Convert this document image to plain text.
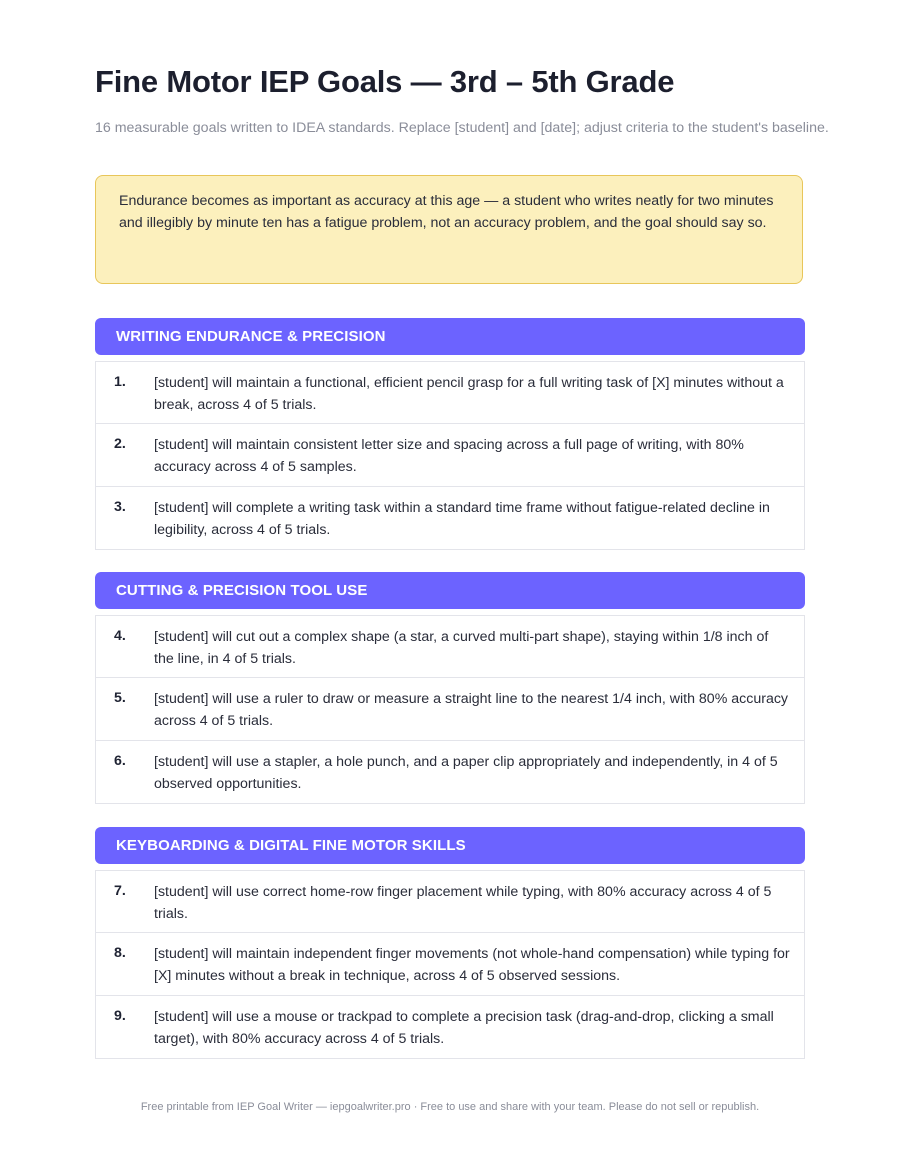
Fine Motor IEP Goals — 3rd – 5th Grade
16 measurable goals written to IDEA standards. Replace [student] and [date]; adjust criteria to the student's baseline.
Endurance becomes as important as accuracy at this age — a student who writes neatly for two minutes and illegibly by minute ten has a fatigue problem, not an accuracy problem, and the goal should say so.
WRITING ENDURANCE & PRECISION
1.	[student] will maintain a functional, efficient pencil grasp for a full writing task of [X] minutes without a break, across 4 of 5 trials.
2.	[student] will maintain consistent letter size and spacing across a full page of writing, with 80% accuracy across 4 of 5 samples.
3.	[student] will complete a writing task within a standard time frame without fatigue-related decline in legibility, across 4 of 5 trials.
CUTTING & PRECISION TOOL USE
4.	[student] will cut out a complex shape (a star, a curved multi-part shape), staying within 1/8 inch of the line, in 4 of 5 trials.
5.	[student] will use a ruler to draw or measure a straight line to the nearest 1/4 inch, with 80% accuracy across 4 of 5 trials.
6.	[student] will use a stapler, a hole punch, and a paper clip appropriately and independently, in 4 of 5 observed opportunities.
KEYBOARDING & DIGITAL FINE MOTOR SKILLS
7.	[student] will use correct home-row finger placement while typing, with 80% accuracy across 4 of 5 trials.
8.	[student] will maintain independent finger movements (not whole-hand compensation) while typing for [X] minutes without a break in technique, across 4 of 5 observed sessions.
9.	[student] will use a mouse or trackpad to complete a precision task (drag-and-drop, clicking a small target), with 80% accuracy across 4 of 5 trials.
Free printable from IEP Goal Writer — iepgoalwriter.pro · Free to use and share with your team. Please do not sell or republish.
